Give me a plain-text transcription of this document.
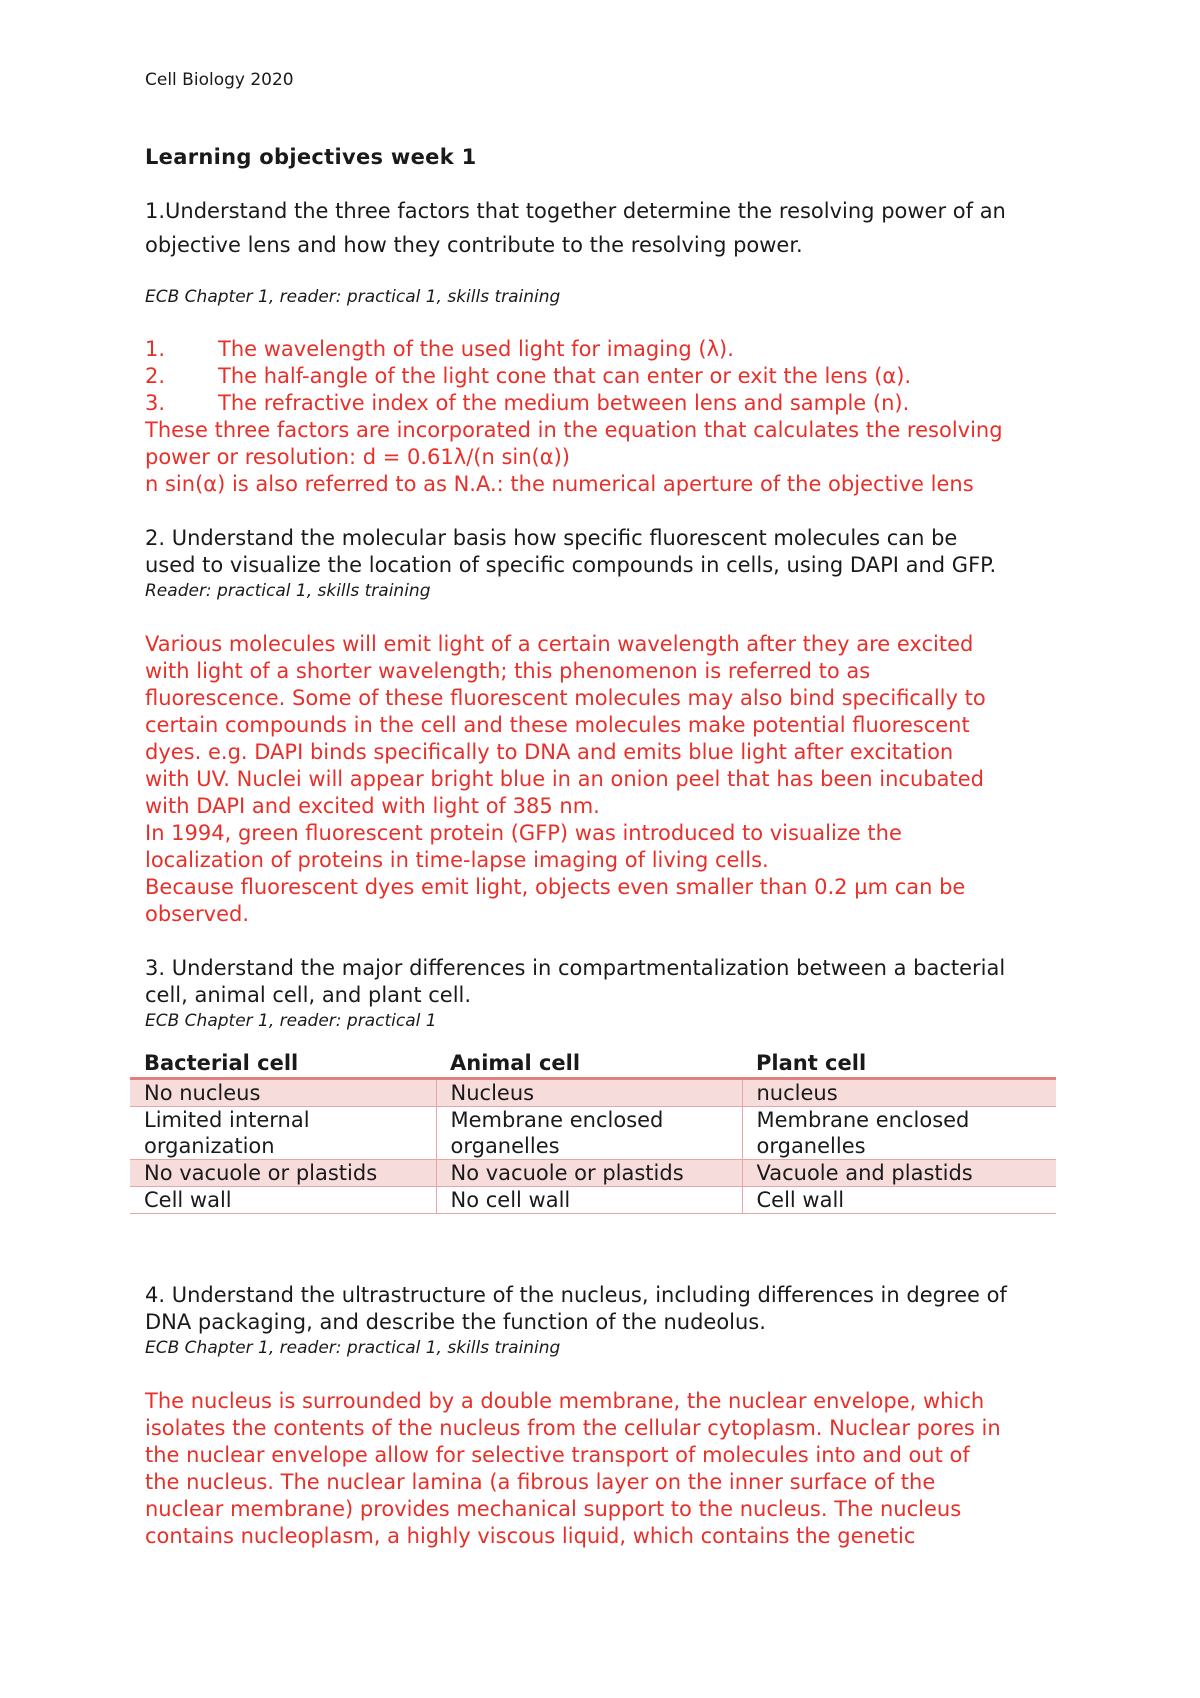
Cell Biology 2020
Learning objectives week 1
1.Understand the three factors that together determine the resolving power of an
objective lens and how they contribute to the resolving power.
ECB Chapter 1, reader: practical 1, skills training
1.	The wavelength of the used light for imaging (λ).
2.	The half-angle of the light cone that can enter or exit the lens (α).
3.	The refractive index of the medium between lens and sample (n).
These three factors are incorporated in the equation that calculates the resolving
power or resolution: d = 0.61λ/(n sin(α))
n sin(α) is also referred to as N.A.: the numerical aperture of the objective lens
2. Understand the molecular basis how specific fluorescent molecules can be
used to visualize the location of specific compounds in cells, using DAPI and GFP.
Reader: practical 1, skills training
Various molecules will emit light of a certain wavelength after they are excited
with light of a shorter wavelength; this phenomenon is referred to as
fluorescence. Some of these fluorescent molecules may also bind specifically to
certain compounds in the cell and these molecules make potential fluorescent
dyes. e.g. DAPI binds specifically to DNA and emits blue light after excitation
with UV. Nuclei will appear bright blue in an onion peel that has been incubated
with DAPI and excited with light of 385 nm.
In 1994, green fluorescent protein (GFP) was introduced to visualize the
localization of proteins in time-lapse imaging of living cells.
Because fluorescent dyes emit light, objects even smaller than 0.2 µm can be
observed.
3. Understand the major differences in compartmentalization between a bacterial
cell, animal cell, and plant cell.
ECB Chapter 1, reader: practical 1
Bacterial cell	Animal cell	Plant cell
No nucleus	Nucleus	nucleus
Limited internal organization	Membrane enclosed organelles	Membrane enclosed organelles
No vacuole or plastids	No vacuole or plastids	Vacuole and plastids
Cell wall	No cell wall	Cell wall
4. Understand the ultrastructure of the nucleus, including differences in degree of
DNA packaging, and describe the function of the nudeolus.
ECB Chapter 1, reader: practical 1, skills training
The nucleus is surrounded by a double membrane, the nuclear envelope, which
isolates the contents of the nucleus from the cellular cytoplasm. Nuclear pores in
the nuclear envelope allow for selective transport of molecules into and out of
the nucleus. The nuclear lamina (a fibrous layer on the inner surface of the
nuclear membrane) provides mechanical support to the nucleus. The nucleus
contains nucleoplasm, a highly viscous liquid, which contains the genetic
